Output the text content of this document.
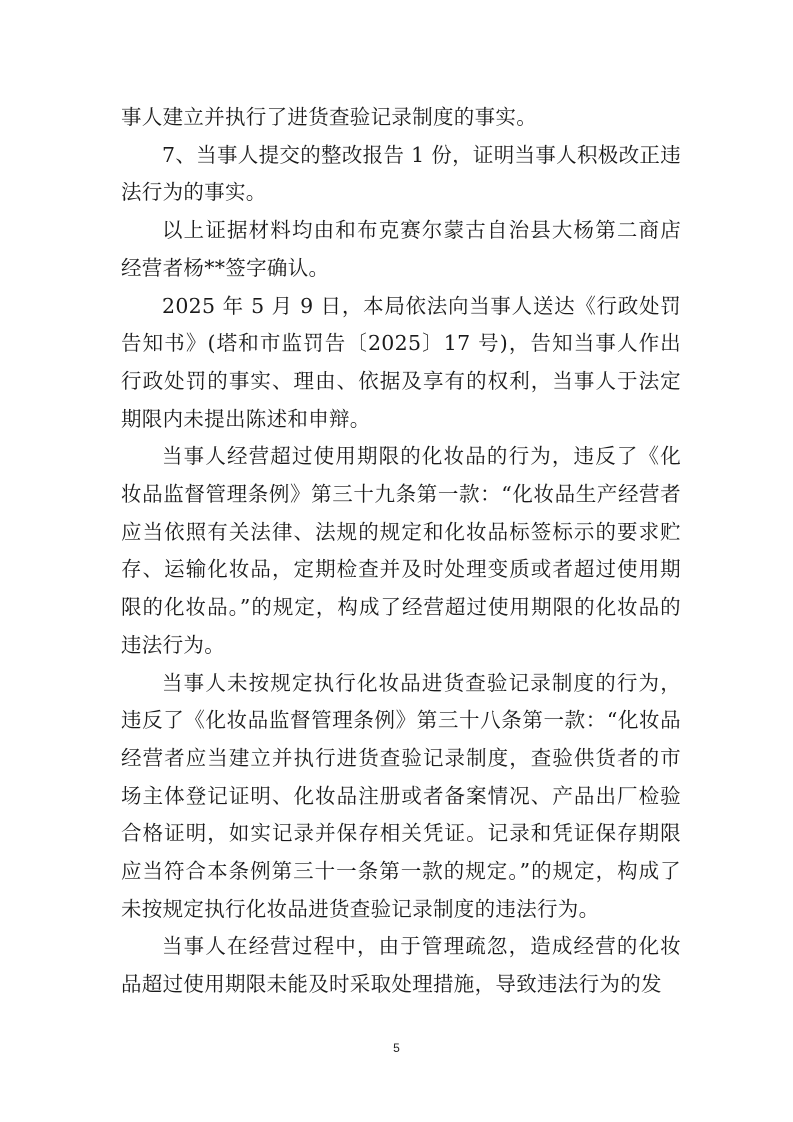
事人建立并执行了进货查验记录制度的事实。

7、当事人提交的整改报告 1 份，证明当事人积极改正违法行为的事实。

以上证据材料均由和布克赛尔蒙古自治县大杨第二商店经营者杨**签字确认。

2025 年 5 月 9 日，本局依法向当事人送达《行政处罚告知书》(塔和市监罚告〔2025〕17 号)，告知当事人作出行政处罚的事实、理由、依据及享有的权利，当事人于法定期限内未提出陈述和申辩。

当事人经营超过使用期限的化妆品的行为，违反了《化妆品监督管理条例》第三十九条第一款：“化妆品生产经营者应当依照有关法律、法规的规定和化妆品标签标示的要求贮存、运输化妆品，定期检查并及时处理变质或者超过使用期限的化妆品。”的规定，构成了经营超过使用期限的化妆品的违法行为。

当事人未按规定执行化妆品进货查验记录制度的行为，违反了《化妆品监督管理条例》第三十八条第一款：“化妆品经营者应当建立并执行进货查验记录制度，查验供货者的市场主体登记证明、化妆品注册或者备案情况、产品出厂检验合格证明，如实记录并保存相关凭证。记录和凭证保存期限应当符合本条例第三十一条第一款的规定。”的规定，构成了未按规定执行化妆品进货查验记录制度的违法行为。

当事人在经营过程中，由于管理疏忽，造成经营的化妆品超过使用期限未能及时采取处理措施，导致违法行为的发

5
